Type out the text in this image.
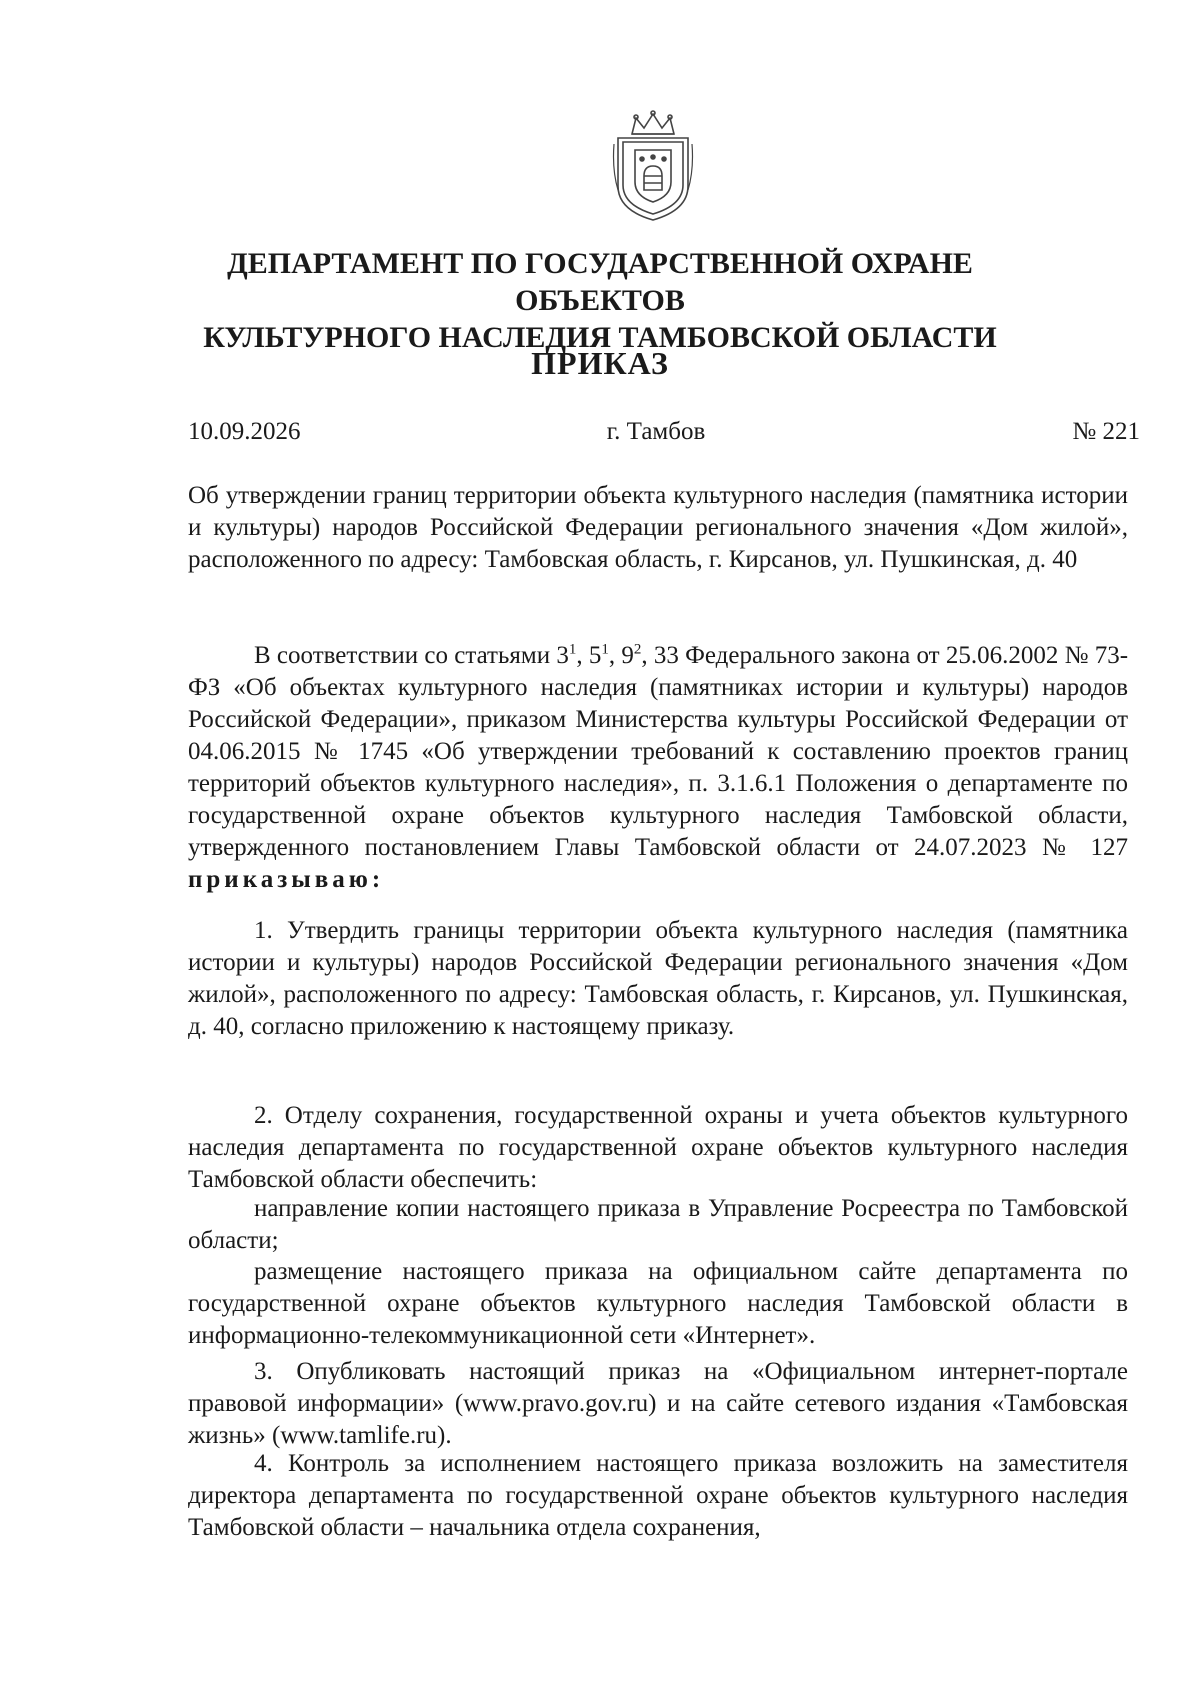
ДЕПАРТАМЕНТ ПО ГОСУДАРСТВЕННОЙ ОХРАНЕ ОБЪЕКТОВ
КУЛЬТУРНОГО НАСЛЕДИЯ ТАМБОВСКОЙ ОБЛАСТИ
ПРИКАЗ
10.09.2026	г. Тамбов	№ 221
Об утверждении границ территории объекта культурного наследия (памятника истории и культуры) народов Российской Федерации регионального значения «Дом жилой», расположенного по адресу: Тамбовская область, г. Кирсанов, ул. Пушкинская, д. 40
В соответствии со статьями $3^1$, $5^1$, $9^2$, 33 Федерального закона от 25.06.2002 № 73-ФЗ «Об объектах культурного наследия (памятниках истории и культуры) народов Российской Федерации», приказом Министерства культуры Российской Федерации от 04.06.2015 № 1745 «Об утверждении требований к составлению проектов границ территорий объектов культурного наследия», п. 3.1.6.1 Положения о департаменте по государственной охране объектов культурного наследия Тамбовской области, утвержденного постановлением Главы Тамбовской области от 24.07.2023 № 127 приказываю:
1. Утвердить границы территории объекта культурного наследия (памятника истории и культуры) народов Российской Федерации регионального значения «Дом жилой», расположенного по адресу: Тамбовская область, г. Кирсанов, ул. Пушкинская, д. 40, согласно приложению к настоящему приказу.
2. Отделу сохранения, государственной охраны и учета объектов культурного наследия департамента по государственной охране объектов культурного наследия Тамбовской области обеспечить:
направление копии настоящего приказа в Управление Росреестра по Тамбовской области;
размещение настоящего приказа на официальном сайте департамента по государственной охране объектов культурного наследия Тамбовской области в информационно-телекоммуникационной сети «Интернет».
3. Опубликовать настоящий приказ на «Официальном интернет-портале правовой информации» (www.pravo.gov.ru) и на сайте сетевого издания «Тамбовская жизнь» (www.tamlife.ru).
4. Контроль за исполнением настоящего приказа возложить на заместителя директора департамента по государственной охране объектов культурного наследия Тамбовской области – начальника отдела сохранения,
